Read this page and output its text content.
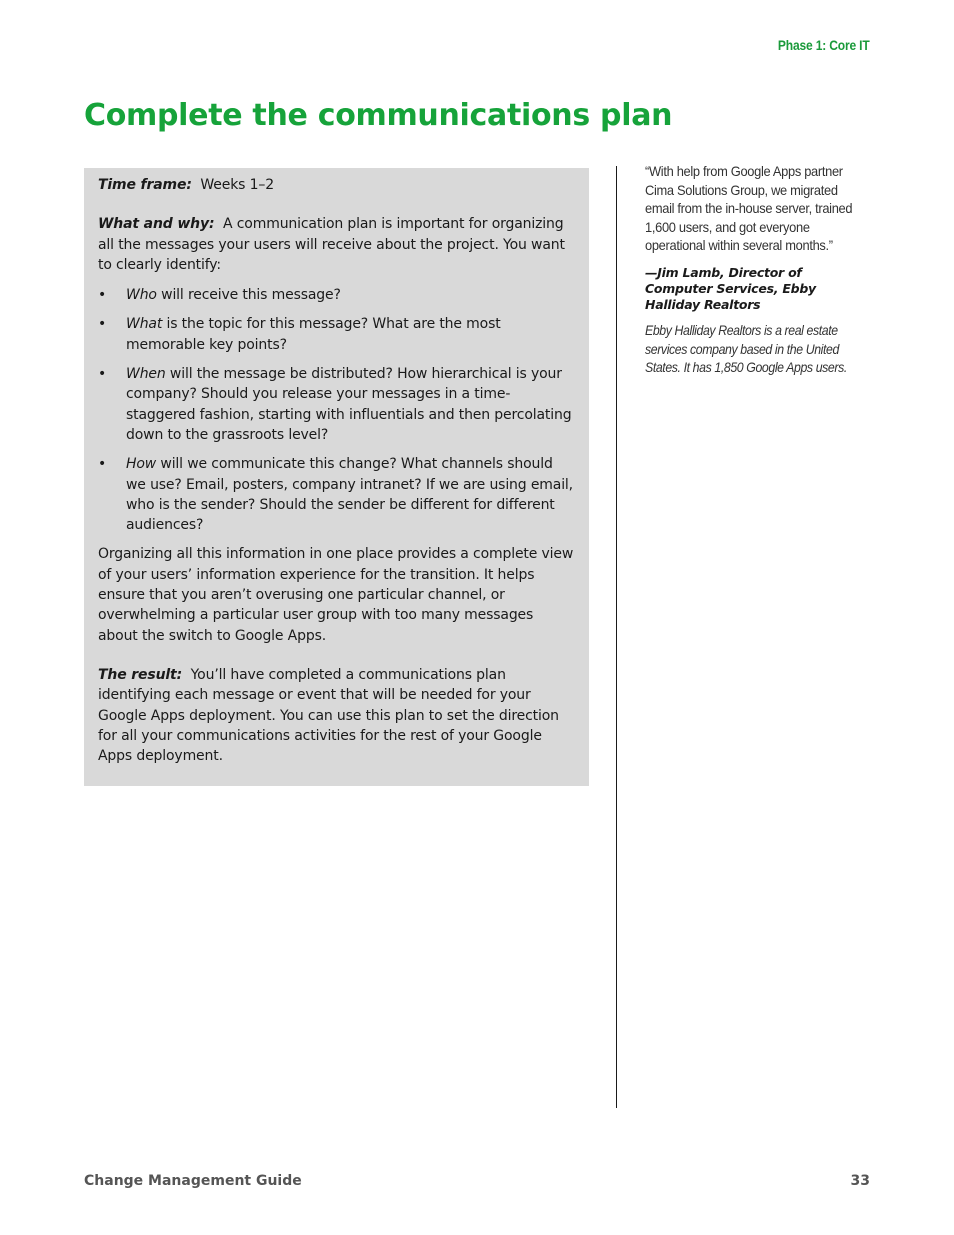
Phase 1: Core IT
Complete the communications plan

Time frame: Weeks 1–2

What and why: A communication plan is important for organizing all the messages your users will receive about the project. You want to clearly identify:

• Who will receive this message?
• What is the topic for this message? What are the most memorable key points?
• When will the message be distributed? How hierarchical is your company? Should you release your messages in a time-staggered fashion, starting with influentials and then percolating down to the grassroots level?
• How will we communicate this change? What channels should we use? Email, posters, company intranet? If we are using email, who is the sender? Should the sender be different for different audiences?

Organizing all this information in one place provides a complete view of your users’ information experience for the transition. It helps ensure that you aren’t overusing one particular channel, or overwhelming a particular user group with too many messages about the switch to Google Apps.

The result: You’ll have completed a communications plan identifying each message or event that will be needed for your Google Apps deployment. You can use this plan to set the direction for all your communications activities for the rest of your Google Apps deployment.

“With help from Google Apps partner Cima Solutions Group, we migrated email from the in-house server, trained 1,600 users, and got everyone operational within several months.”

—Jim Lamb, Director of Computer Services, Ebby Halliday Realtors

Ebby Halliday Realtors is a real estate services company based in the United States. It has 1,850 Google Apps users.

Change Management Guide	33
